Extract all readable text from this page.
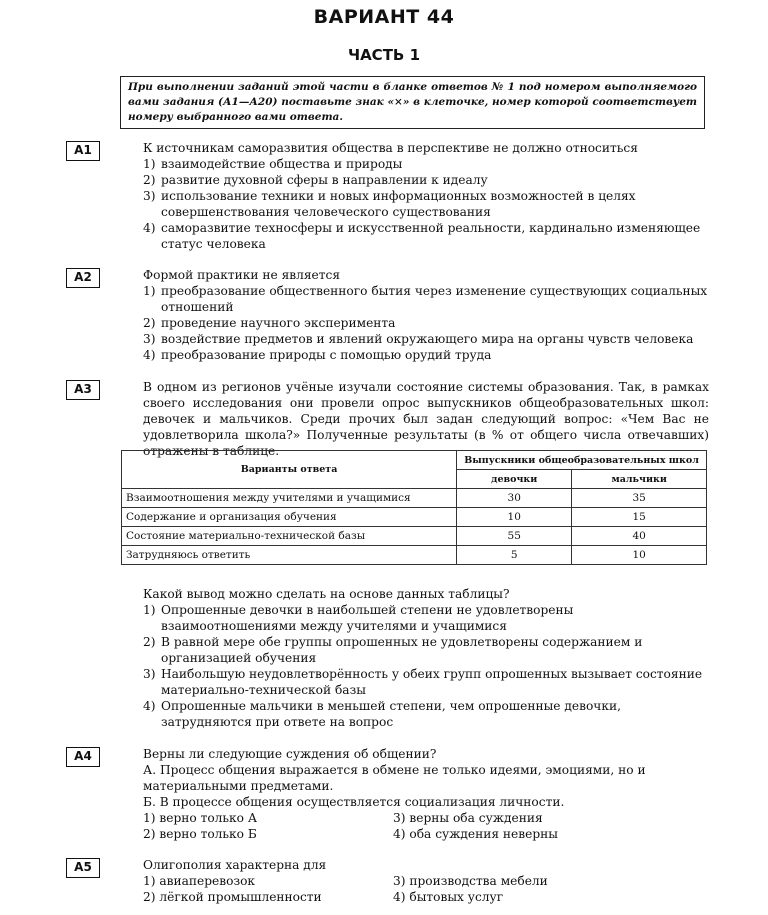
ВАРИАНТ 44
ЧАСТЬ 1
При выполнении заданий этой части в бланке ответов № 1 под номером выполняемого вами задания (А1—А20) поставьте знак «×» в клеточке, номер которой соответствует номеру выбранного вами ответа.
А1	К источникам саморазвития общества в перспективе не должно относиться

1) взаимодействие общества и природы
2) развитие духовной сферы в направлении к идеалу
3) использование техники и новых информационных возможностей в целях совершенствования человеческого существования
4) саморазвитие техносферы и искусственной реальности, кардинально изменяющее статус человека
А2	Формой практики не является

1) преобразование общественного бытия через изменение существующих социальных отношений
2) проведение научного эксперимента
3) воздействие предметов и явлений окружающего мира на органы чувств человека
4) преобразование природы с помощью орудий труда
А3	В одном из регионов учёные изучали состояние системы образования. Так, в рамках своего исследования они провели опрос выпускников общеобразовательных школ: девочек и мальчиков. Среди прочих был задан следующий вопрос: «Чем Вас не удовлетворила школа?» Полученные результаты (в % от общего числа отвечавших) отражены в таблице.
Варианты ответа	Выпускники общеобразовательных школ	
	девочки	мальчики
Взаимоотношения между учителями и учащимися	30	35
Содержание и организация обучения	10	15
Состояние материально-технической базы	55	40
Затрудняюсь ответить	5	10

Какой вывод можно сделать на основе данных таблицы?

1) Опрошенные девочки в наибольшей степени не удовлетворены взаимоотношениями между учителями и учащимися
2) В равной мере обе группы опрошенных не удовлетворены содержанием и организацией обучения
3) Наибольшую неудовлетворённость у обеих групп опрошенных вызывает состояние материально-технической базы
4) Опрошенные мальчики в меньшей степени, чем опрошенные девочки, затрудняются при ответе на вопрос
А4	Верны ли следующие суждения об общении?

А. Процесс общения выражается в обмене не только идеями, эмоциями, но и материальными предметами.

Б. В процессе общения осуществляется социализация личности.

1) верно только А	3) верны оба суждения
2) верно только Б	4) оба суждения неверны
А5	Олигополия характерна для

1) авиаперевозок	3) производства мебели
2) лёгкой промышленности	4) бытовых услуг
